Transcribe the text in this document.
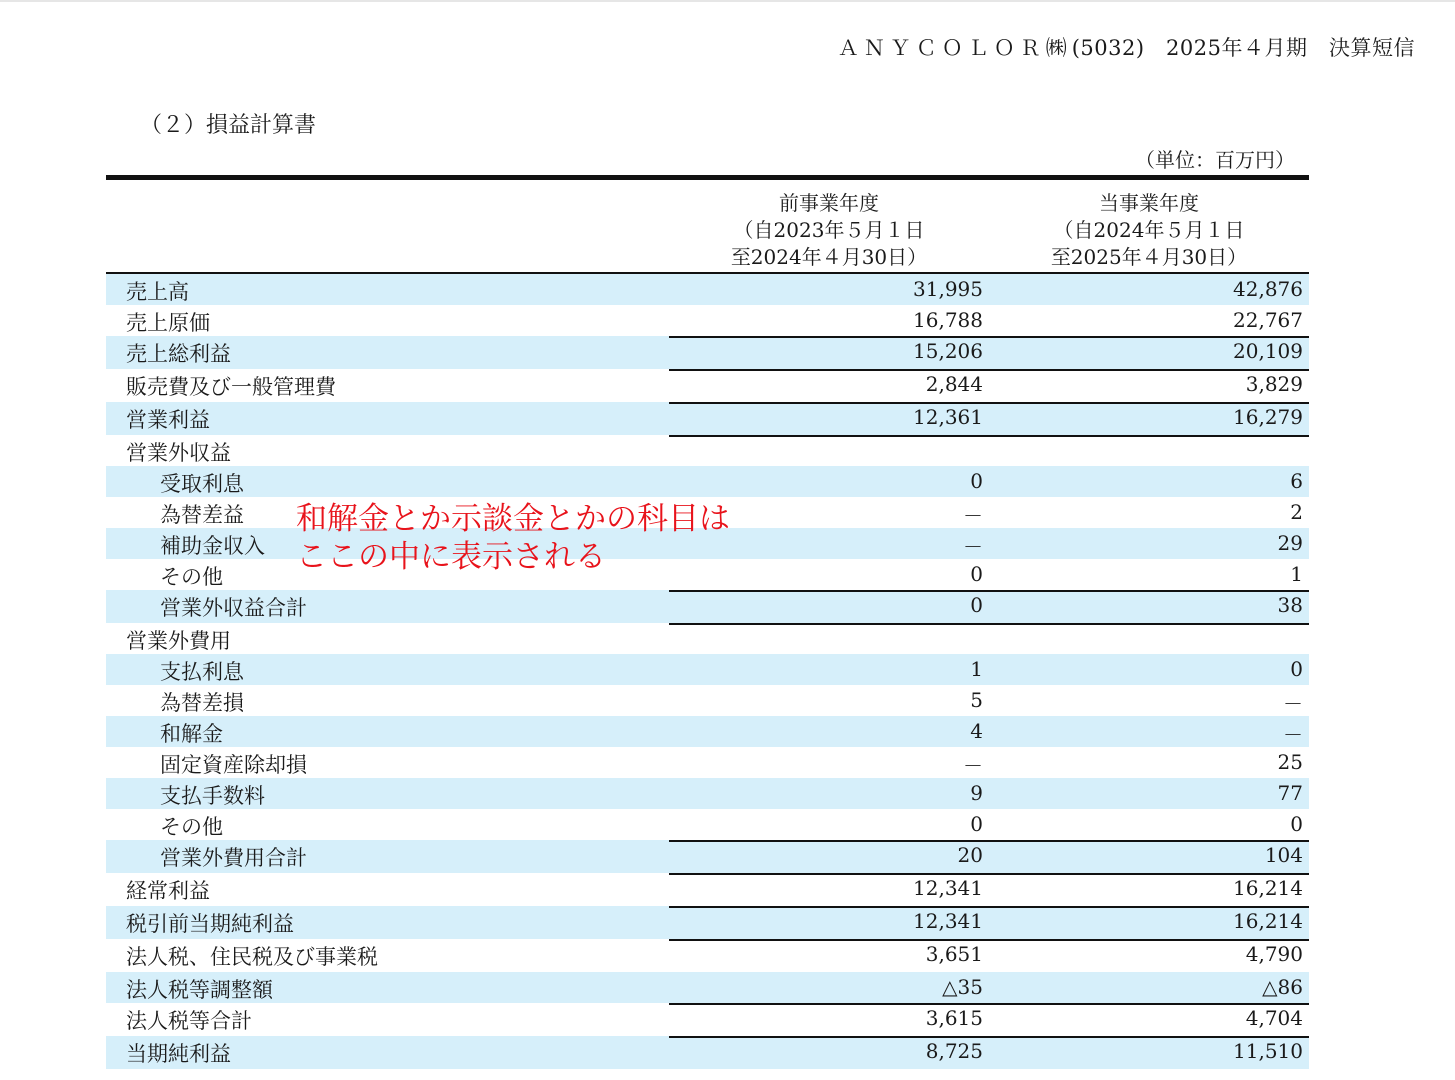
ＡＮＹＣＯＬＯＲ㈱(5032)　2025年４月期　決算短信
（２）損益計算書
（単位：百万円）
前事業年度
（自2023年５月１日
至2024年４月30日）
当事業年度
（自2024年５月１日
至2025年４月30日）
売上高	31,995	42,876
売上原価	16,788	22,767
売上総利益	15,206	20,109
販売費及び一般管理費	2,844	3,829
営業利益	12,361	16,279
営業外収益
受取利息	0	6
為替差益	－	2
補助金収入	－	29
その他	0	1
営業外収益合計	0	38
営業外費用
支払利息	1	0
為替差損	5	－
和解金	4	－
固定資産除却損	－	25
支払手数料	9	77
その他	0	0
営業外費用合計	20	104
経常利益	12,341	16,214
税引前当期純利益	12,341	16,214
法人税、住民税及び事業税	3,651	4,790
法人税等調整額	△35	△86
法人税等合計	3,615	4,704
当期純利益	8,725	11,510
和解金とか示談金とかの科目は
ここの中に表示される
